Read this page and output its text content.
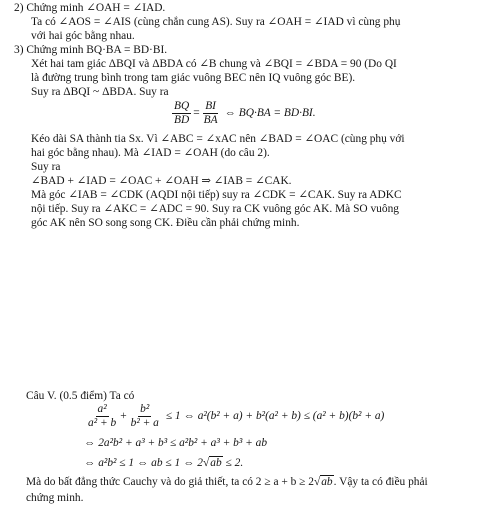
2) Chứng minh ∠OAH = ∠IAD.
Ta có ∠AOS = ∠AIS (cùng chắn cung AS). Suy ra ∠OAH = ∠IAD vì cùng phụ
với hai góc bằng nhau.
3) Chứng minh BQ·BA = BD·BI.
Xét hai tam giác ΔBQI và ΔBDA có ∠B chung và ∠BQI = ∠BDA = 90 (Do QI
là đường trung bình trong tam giác vuông BEC nên IQ vuông góc BE).
Suy ra ΔBQI ~ ΔBDA. Suy ra
$\frac{BQ}{BD} = \frac{BI}{BA}$ ⇔ BQ·BA = BD·BI.
Kéo dài SA thành tia Sx. Vì ∠ABC = ∠xAC nên ∠BAD = ∠OAC (cùng phụ với
hai góc bằng nhau). Mà ∠IAD = ∠OAH (do câu 2).
Suy ra
∠BAD + ∠IAD = ∠OAC + ∠OAH ⇒ ∠IAB = ∠CAK.
Mà góc ∠IAB = ∠CDK (AQDI nội tiếp) suy ra ∠CDK = ∠CAK. Suy ra ADKC
nội tiếp. Suy ra ∠AKC = ∠ADC = 90. Suy ra CK vuông góc AK. Mà SO vuông
góc AK nên SO song song CK. Điều cần phải chứng minh.
Câu V. (0.5 điểm) Ta có
$\frac{\text{a²}}{\text{a² + b}} + \frac{\text{b²}}{\text{b² + a}} \le 1$ ⇔ a²(b² + a) + b²(a² + b) ≤ (a² + b)(b² + a)
⇔ 2a²b² + a³ + b³ ≤ a²b² + a³ + b³ + ab
⇔ a²b² ≤ 1 ⇔ ab ≤ 1 ⇔ 2√ab ≤ 2.
Mà do bất đẳng thức Cauchy và do giả thiết, ta có 2 ≥ a + b ≥ 2√ab. Vậy ta có điều phải
chứng minh.
